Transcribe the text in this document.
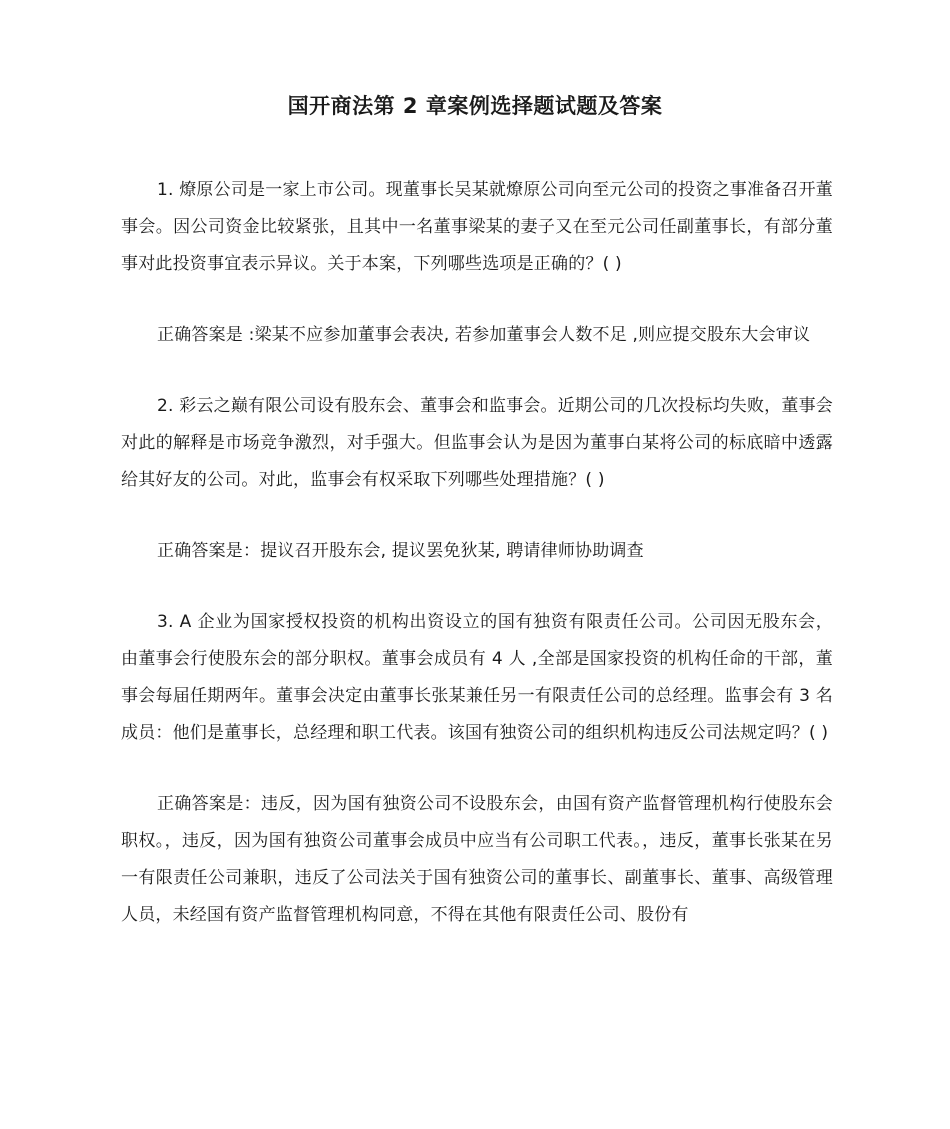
国开商法第 2 章案例选择题试题及答案

1. 燎原公司是一家上市公司。现董事长吴某就燎原公司向至元公司的投资之事准备召开董事会。因公司资金比较紧张，且其中一名董事梁某的妻子又在至元公司任副董事长，有部分董事对此投资事宜表示异议。关于本案，下列哪些选项是正确的？( )

正确答案是 :梁某不应参加董事会表决, 若参加董事会人数不足 ,则应提交股东大会审议

2. 彩云之巅有限公司设有股东会、董事会和监事会。近期公司的几次投标均失败，董事会对此的解释是市场竞争激烈，对手强大。但监事会认为是因为董事白某将公司的标底暗中透露给其好友的公司。对此，监事会有权采取下列哪些处理措施？( )

正确答案是：提议召开股东会, 提议罢免狄某, 聘请律师协助调查

3. A 企业为国家授权投资的机构出资设立的国有独资有限责任公司。公司因无股东会，由董事会行使股东会的部分职权。董事会成员有 4 人 ,全部是国家投资的机构任命的干部，董事会每届任期两年。董事会决定由董事长张某兼任另一有限责任公司的总经理。监事会有 3 名成员：他们是董事长，总经理和职工代表。该国有独资公司的组织机构违反公司法规定吗？( )

正确答案是：违反，因为国有独资公司不设股东会，由国有资产监督管理机构行使股东会职权。，违反，因为国有独资公司董事会成员中应当有公司职工代表。，违反，董事长张某在另一有限责任公司兼职，违反了公司法关于国有独资公司的董事长、副董事长、董事、高级管理人员，未经国有资产监督管理机构同意，不得在其他有限责任公司、股份有
